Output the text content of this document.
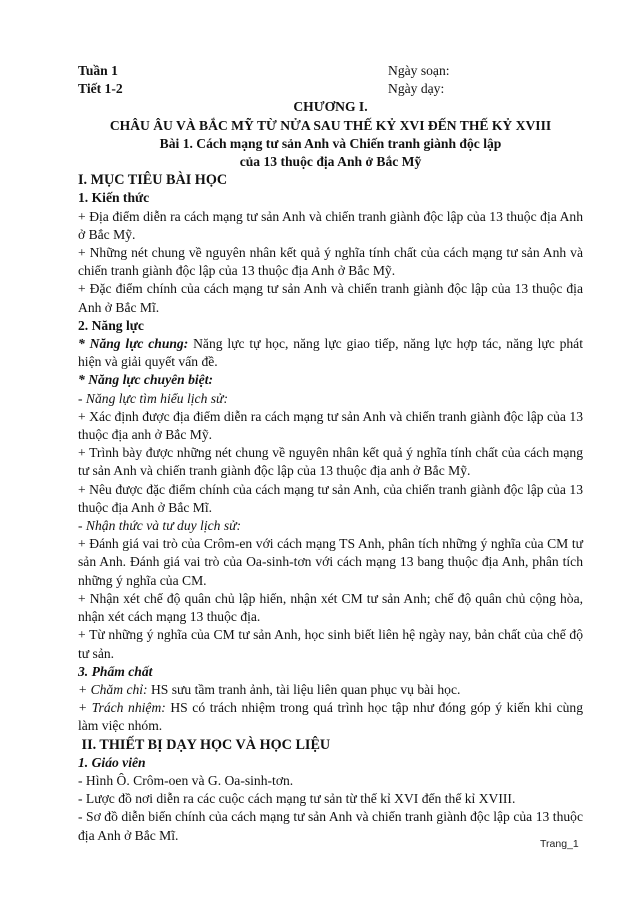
Tuần 1	Ngày soạn:
Tiết 1-2	Ngày dạy:

CHƯƠNG I.

CHÂU ÂU VÀ BẮC MỸ TỪ NỬA SAU THẾ KỶ XVI ĐẾN THẾ KỶ XVIII

Bài 1. Cách mạng tư sản Anh và Chiến tranh giành độc lập

của 13 thuộc địa Anh ở Bắc Mỹ

I. MỤC TIÊU BÀI HỌC

1. Kiến thức

+ Địa điểm diễn ra cách mạng tư sản Anh và chiến tranh giành độc lập của 13 thuộc địa Anh ở Bắc Mỹ.

+ Những nét chung về nguyên nhân kết quả ý nghĩa tính chất của cách mạng tư sản Anh và chiến tranh giành độc lập của 13 thuộc địa Anh ở Bắc Mỹ.

+ Đặc điểm chính của cách mạng tư sản Anh và chiến tranh giành độc lập của 13 thuộc địa Anh ở Bắc Mĩ.

2. Năng lực

* Năng lực chung: Năng lực tự học, năng lực giao tiếp, năng lực hợp tác, năng lực phát hiện và giải quyết vấn đề.

* Năng lực chuyên biệt:

- Năng lực tìm hiểu lịch sử:

+ Xác định được địa điểm diễn ra cách mạng tư sản Anh và chiến tranh giành độc lập của 13 thuộc địa anh ở Bắc Mỹ.

+ Trình bày được những nét chung về nguyên nhân kết quả ý nghĩa tính chất của cách mạng tư sản Anh và chiến tranh giành độc lập của 13 thuộc địa anh ở Bắc Mỹ.

+ Nêu được đặc điểm chính của cách mạng tư sản Anh, của chiến tranh giành độc lập của 13 thuộc địa Anh ở Bắc Mĩ.

- Nhận thức và tư duy lịch sử:

+ Đánh giá vai trò của Crôm-en với cách mạng TS Anh, phân tích những ý nghĩa của CM tư sản Anh. Đánh giá vai trò của Oa-sinh-tơn với cách mạng 13 bang thuộc địa Anh, phân tích những ý nghĩa của CM.

+ Nhận xét chế độ quân chủ lập hiến, nhận xét CM tư sản Anh; chế độ quân chủ cộng hòa, nhận xét cách mạng 13 thuộc địa.

+ Từ những ý nghĩa của CM tư sản Anh, học sinh biết liên hệ ngày nay, bản chất của chế độ tư sản.

3. Phẩm chất

+ Chăm chỉ: HS sưu tầm tranh ảnh, tài liệu liên quan phục vụ bài học.

+ Trách nhiệm: HS có trách nhiệm trong quá trình học tập như đóng góp ý kiến khi cùng làm việc nhóm.

II. THIẾT BỊ DẠY HỌC VÀ HỌC LIỆU

1. Giáo viên

- Hình Ô. Crôm-oen và G. Oa-sinh-tơn.

- Lược đồ nơi diễn ra các cuộc cách mạng tư sản từ thế kỉ XVI đến thế kỉ XVIII.

- Sơ đồ diễn biến chính của cách mạng tư sản Anh và chiến tranh giành độc lập của 13 thuộc địa Anh ở Bắc Mĩ.

Trang_1
